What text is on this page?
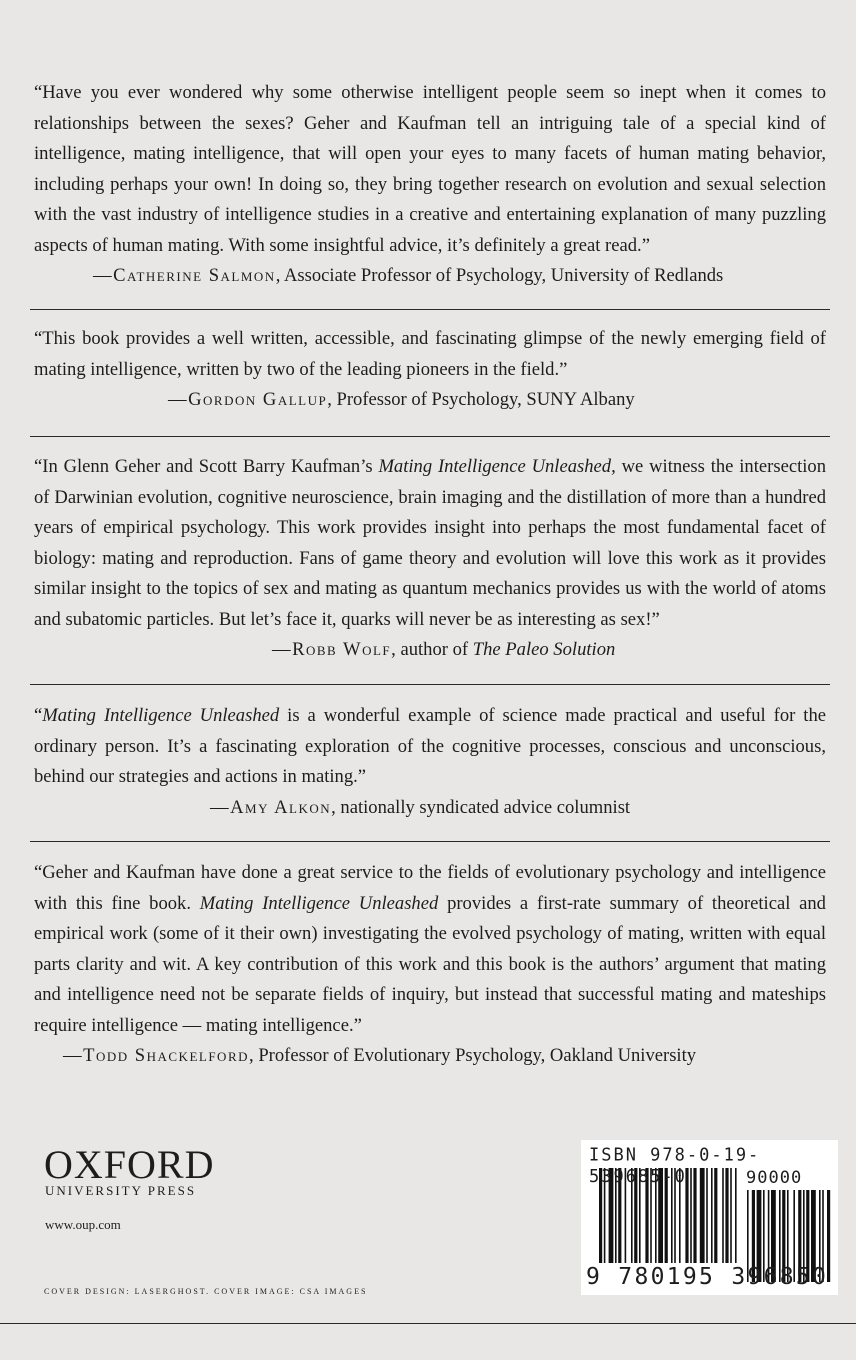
“Have you ever wondered why some otherwise intelligent people seem so inept when it comes to relationships between the sexes? Geher and Kaufman tell an intriguing tale of a special kind of intelligence, mating intelligence, that will open your eyes to many facets of human mating behavior, including perhaps your own! In doing so, they bring together research on evolution and sexual selection with the vast industry of intelligence studies in a creative and entertaining explanation of many puzzling aspects of human mating. With some insightful advice, it’s definitely a great read.”

—Catherine Salmon, Associate Professor of Psychology, University of Redlands

“This book provides a well written, accessible, and fascinating glimpse of the newly emerging field of mating intelligence, written by two of the leading pioneers in the field.”

—Gordon Gallup, Professor of Psychology, SUNY Albany

“In Glenn Geher and Scott Barry Kaufman’s Mating Intelligence Unleashed, we witness the intersection of Darwinian evolution, cognitive neuroscience, brain imaging and the distillation of more than a hundred years of empirical psychology. This work provides insight into perhaps the most fundamental facet of biology: mating and reproduction. Fans of game theory and evolution will love this work as it provides similar insight to the topics of sex and mating as quantum mechanics provides us with the world of atoms and subatomic particles. But let’s face it, quarks will never be as interesting as sex!”

—Robb Wolf, author of The Paleo Solution

“Mating Intelligence Unleashed is a wonderful example of science made practical and useful for the ordinary person. It’s a fascinating exploration of the cognitive processes, conscious and unconscious, behind our strategies and actions in mating.”

—Amy Alkon, nationally syndicated advice columnist

“Geher and Kaufman have done a great service to the fields of evolutionary psychology and intelligence with this fine book. Mating Intelligence Unleashed provides a first-rate summary of theoretical and empirical work (some of it their own) investigating the evolved psychology of mating, written with equal parts clarity and wit. A key contribution of this work and this book is the authors’ argument that mating and intelligence need not be separate fields of inquiry, but instead that successful mating and mateships require intelligence — mating intelligence.”

—Todd Shackelford, Professor of Evolutionary Psychology, Oakland University

OXFORD
UNIVERSITY PRESS
www.oup.com
COVER DESIGN: LASERGHOST. COVER IMAGE: CSA IMAGES
ISBN 978-0-19-539685-0	90000
9 780195 396850
